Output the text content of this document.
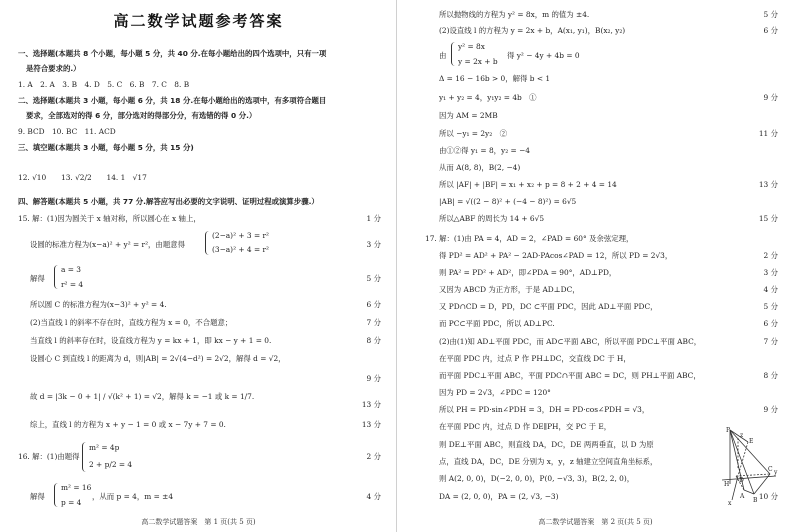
高二数学试题参考答案
一、选择题(本题共 8 个小题，每小题 5 分，共 40 分.在每小题给出的四个选项中，只有一项
是符合要求的.）
1. A　2. A　3. B　4. D　5. C　6. B　7. C　8. B
二、选择题(本题共 3 小题，每小题 6 分，共 18 分.在每小题给出的选项中，有多项符合题目
要求，全部选对的得 6 分，部分选对的得部分分，有选错的得 0 分.）
9. BCD　10. BC　11. ACD
三、填空题(本题共 3 小题，每小题 5 分，共 15 分)
12. √10　　13. √2/2　　14. 1　√17
四、解答题(本题共 5 小题，共 77 分.解答应写出必要的文字说明、证明过程或演算步骤.）
15. 解：(1)因为圆关于 x 轴对称，所以圆心在 x 轴上，
设圆的标准方程为(x−a)² + y² = r²，由题意得
(2−a)² + 3 = r²
(3−a)² + 4 = r²
解得
a = 3
r² = 4
所以圆 C 的标准方程为(x−3)² + y² = 4.
(2)当直线 l 的斜率不存在时，直线方程为 x = 0，不合题意；
当直线 l 的斜率存在时，设直线方程为 y = kx + 1，即 kx − y + 1 = 0.
设圆心 C 到直线 l 的距离为 d，则|AB| = 2√(4−d²) = 2√2，解得 d = √2，
故 d = |3k − 0 + 1| / √(k² + 1) = √2，解得 k = −1 或 k = 1/7.
综上，直线 l 的方程为 x + y − 1 = 0 或 x − 7y + 7 = 0.
16. 解：(1)由题得
m² = 4p
2 + p/2 = 4
解得
m² = 16
p = 4
，从而 p = 4，m = ±4
1 分
3 分
5 分
6 分
7 分
8 分
9 分
13 分
13 分
2 分
4 分
高二数学试题答案　第 1 页(共 5 页)
所以抛物线的方程为 y² = 8x，m 的值为 ±4.
(2)设直线 l 的方程为 y = 2x + b，A(x₁, y₁)，B(x₂, y₂)
由
y² = 8x
y = 2x + b
得 y² − 4y + 4b = 0
Δ = 16 − 16b > 0，解得 b < 1
y₁ + y₂ = 4，y₁y₂ = 4b　①
因为 AM = 2MB
所以 −y₁ = 2y₂　②
由①②得 y₁ = 8，y₂ = −4
从而 A(8, 8)，B(2, −4)
所以 |AF| + |BF| = x₁ + x₂ + p = 8 + 2 + 4 = 14
|AB| = √((2 − 8)² + (−4 − 8)²) = 6√5
所以△ABF 的周长为 14 + 6√5
17. 解：(1)由 PA = 4，AD = 2，∠PAD = 60° 及余弦定理，
得 PD² = AD² + PA² − 2AD·PAcos∠PAD = 12，所以 PD = 2√3，
则 PA² = PD² + AD²，即∠PDA = 90°，AD⊥PD，
又因为 ABCD 为正方形，于是 AD⊥DC，
又 PD∩CD = D，PD，DC ⊂平面 PDC，因此 AD⊥平面 PDC，
而 PC⊂平面 PDC，所以 AD⊥PC.
(2)由(1)知 AD⊥平面 PDC，而 AD⊂平面 ABC，所以平面 PDC⊥平面 ABC，
在平面 PDC 内，过点 P 作 PH⊥DC，交直线 DC 于 H，
而平面 PDC⊥平面 ABC，平面 PDC∩平面 ABC = DC，则 PH⊥平面 ABC，
因为 PD = 2√3，∠PDC = 120°
所以 PH = PD·sin∠PDH = 3，DH = PD·cos∠PDH = √3，
在平面 PDC 内，过点 D 作 DE∥PH，交 PC 于 E，
则 DE⊥平面 ABC，则直线 DA，DC，DE 两两垂直，以 D 为原
点，直线 DA，DC，DE 分别为 x，y，z 轴建立空间直角坐标系，
则 A(2, 0, 0)，D(−2, 0, 0)，P(0, −√3, 3)，B(2, 2, 0)，
DA = (2, 0, 0)，PA = (2, √3, −3)
5 分
6 分
9 分
11 分
13 分
15 分
2 分
3 分
4 分
5 分
6 分
7 分
8 分
9 分
10 分
高二数学试题答案　第 2 页(共 5 页)
P
E
A
B
C
D
H
x
y
z
